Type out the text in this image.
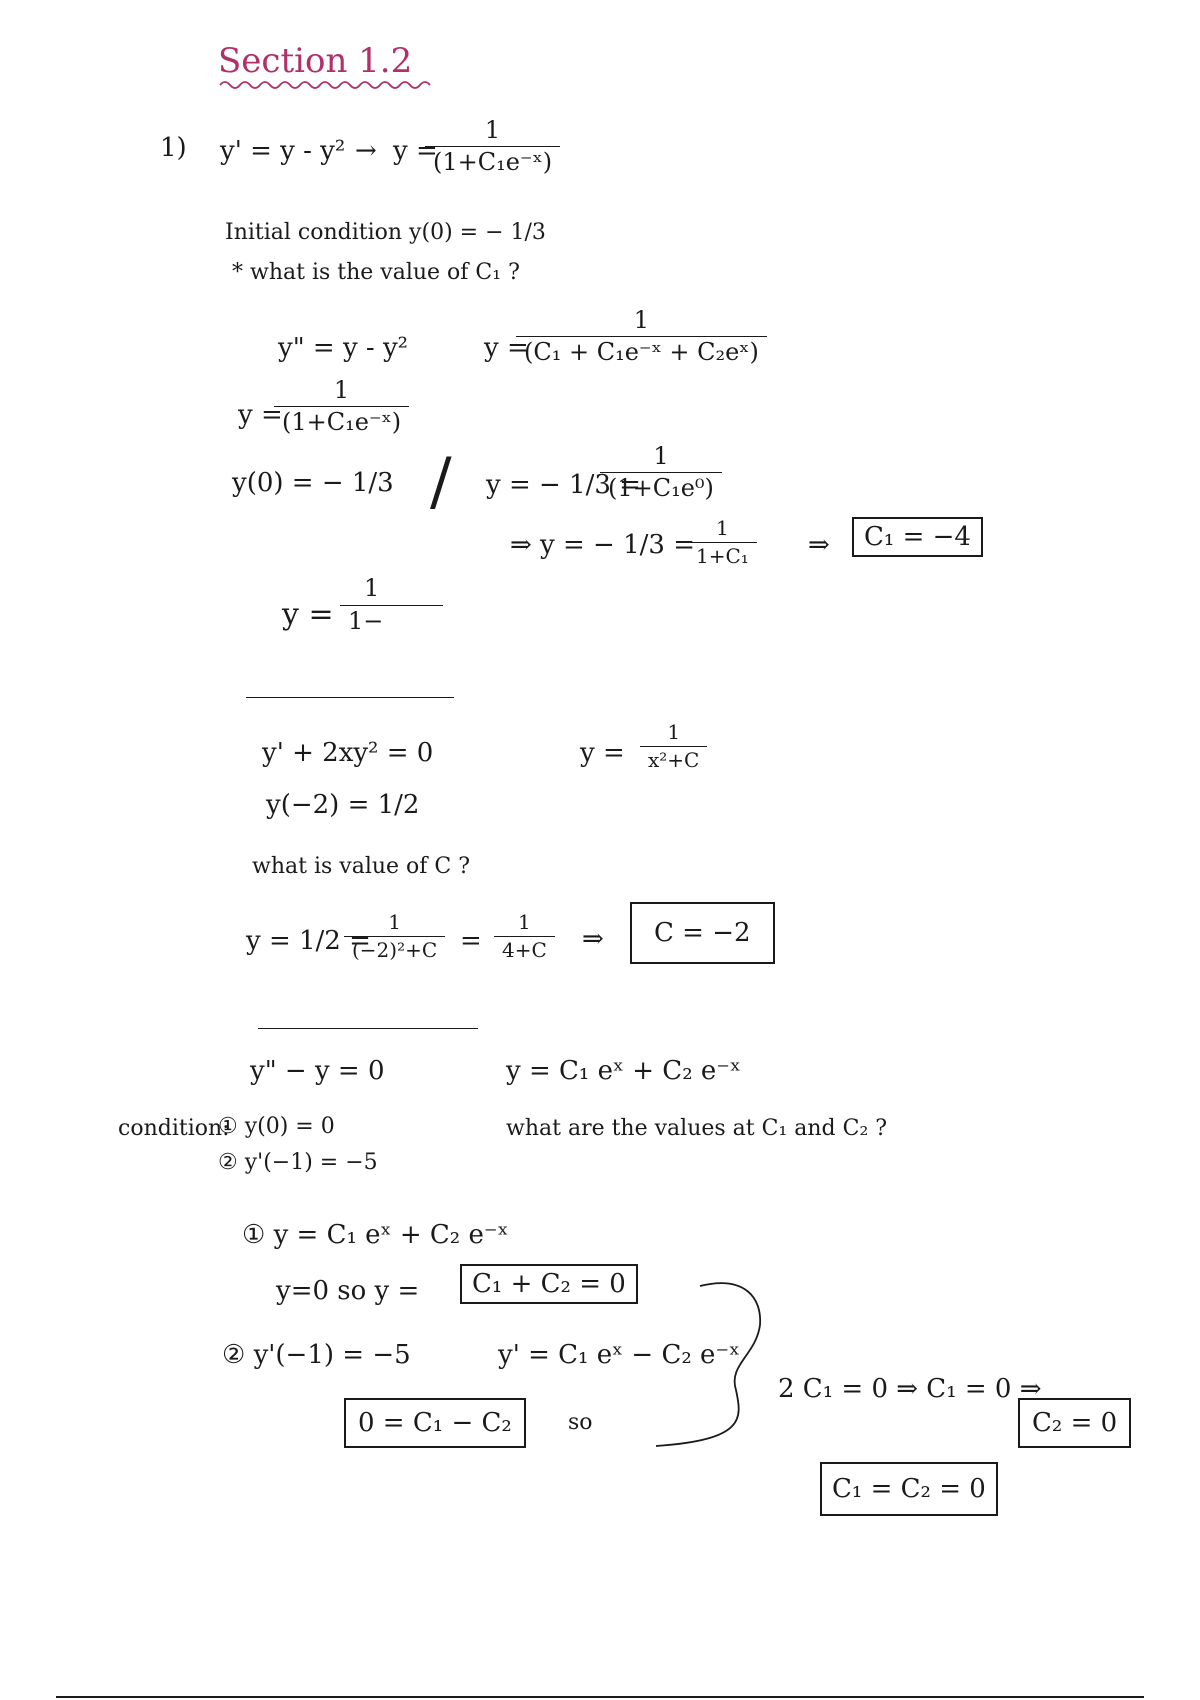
Section 1.2
1) y' = y - y² → y =
$\frac{1}{\text{(1+C₁e⁻ˣ)}}$
Initial condition y(0) = − 1/3
* what is the value of C₁ ?
y" = y - y²	y =
$\frac{1}{\text{(C₁ + C₁e⁻ˣ + C₂eˣ)}}$
y =
$\frac{1}{\text{(1+C₁e⁻ˣ)}}$
y(0) = − 1/3 / y = − 1/3 =
$\frac{1}{\text{(1+C₁e⁰)}}$
⇒ y = − 1/3 =
$\frac{1}{\text{1+C₁}}$ ⇒	C₁ = −4
$y = \frac{1}{1-}$
y' + 2xy² = 0	$y = \frac{1}{\text{x²+C}}$
y(−2) = 1/2
what is value of C ?
y = 1/2 =
$\frac{1}{\text{(−2)²+C}} = \frac{1}{4+C}$ ⇒	C = −2
y" − y = 0	y = C₁ eˣ + C₂ e⁻ˣ
condition:
① y(0) = 0
② y'(−1) = −5
what are the values at C₁ and C₂ ?
① y = C₁ eˣ + C₂ e⁻ˣ
y=0 so y =	C₁ + C₂ = 0
② y'(−1) = −5	y' = C₁ eˣ − C₂ e⁻ˣ
0 = C₁ − C₂	so
2 C₁ = 0 ⇒ C₁ = 0 ⇒
C₂ = 0
C₁ = C₂ = 0
